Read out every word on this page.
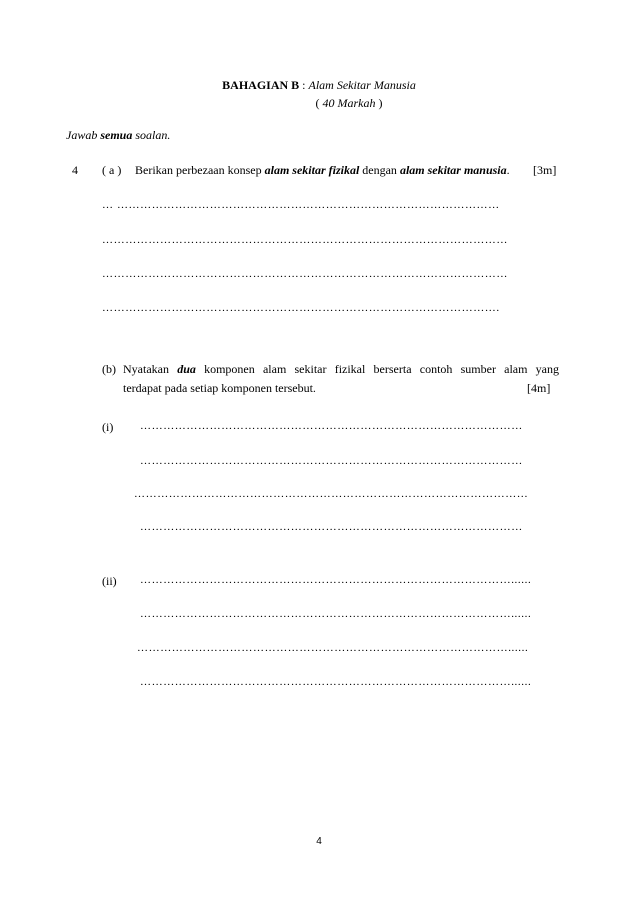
BAHAGIAN B : Alam Sekitar Manusia
( 40 Markah )
Jawab semua soalan.
4 ( a ) Berikan perbezaan konsep alam sekitar fizikal dengan alam sekitar manusia. [3m]
… ………………………………………………………………………………………
……………………………………………………………………………………………
……………………………………………………………………………………………
………………………………………………………………………………………….
(b) Nyatakan dua komponen alam sekitar fizikal berserta contoh sumber alam yang
terdapat pada setiap komponen tersebut.	[4m]
(i) ………………………………………………………………………………………
………………………………………………………………………………………
…………………………………………………………………………………………
………………………………………………………………………………………
(ii) ……………………………………………………………………………………......
……………………………………………………………………………………......
……………………………………………………………………………………......
……………………………………………………………………………………......
4
